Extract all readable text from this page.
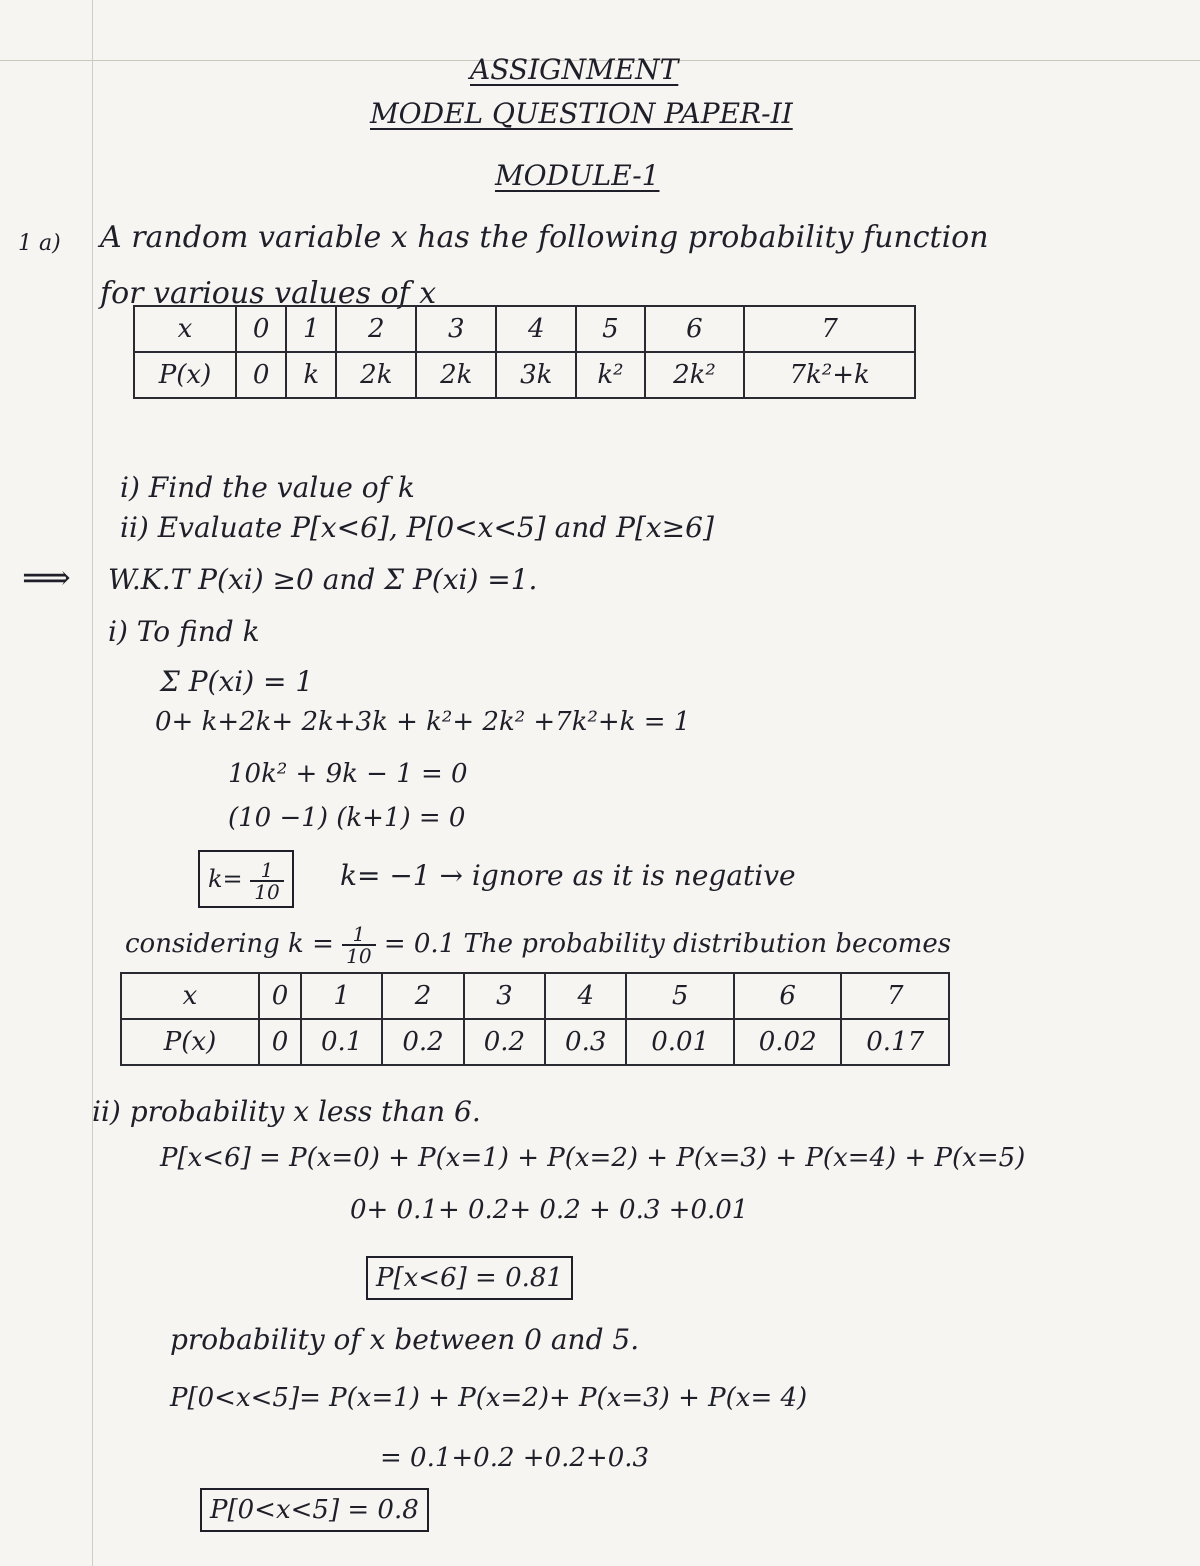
ASSIGNMENT
MODEL QUESTION PAPER-II
MODULE-1
1 a) A random variable x has the following probability function
for various values of x
x	0	1	2	3	4	5	6	7
P(x)	0	k	2k	2k	3k	k²	2k²	7k²+k
i) Find the value of k
ii) Evaluate P[x<6], P[0<x<5] and P[x≥6]
⟹ W.K.T P(xi) ≥0 and Σ P(xi) =1.
i) To find k
Σ P(xi) = 1
0+ k+2k+ 2k+3k + k²+ 2k² +7k²+k = 1
10k² + 9k − 1 = 0
(10 −1) (k+1) = 0
$k= \frac{1}{10} k= -1$ → ignore as it is negative
considering $k = \frac{1}{10} = 0.1$ The probability distribution becomes
x	0	1	2	3	4	5	6	7
P(x)	0	0.1	0.2	0.2	0.3	0.01	0.02	0.17
ii) probability x less than 6.
P[x<6] = P(x=0) + P(x=1) + P(x=2) + P(x=3) + P(x=4) + P(x=5)
0+ 0.1+ 0.2+ 0.2 + 0.3 +0.01
P[x<6] = 0.81
probability of x between 0 and 5.
P[0<x<5]= P(x=1) + P(x=2)+ P(x=3) + P(x= 4)
= 0.1+0.2 +0.2+0.3
P[0<x<5] = 0.8
